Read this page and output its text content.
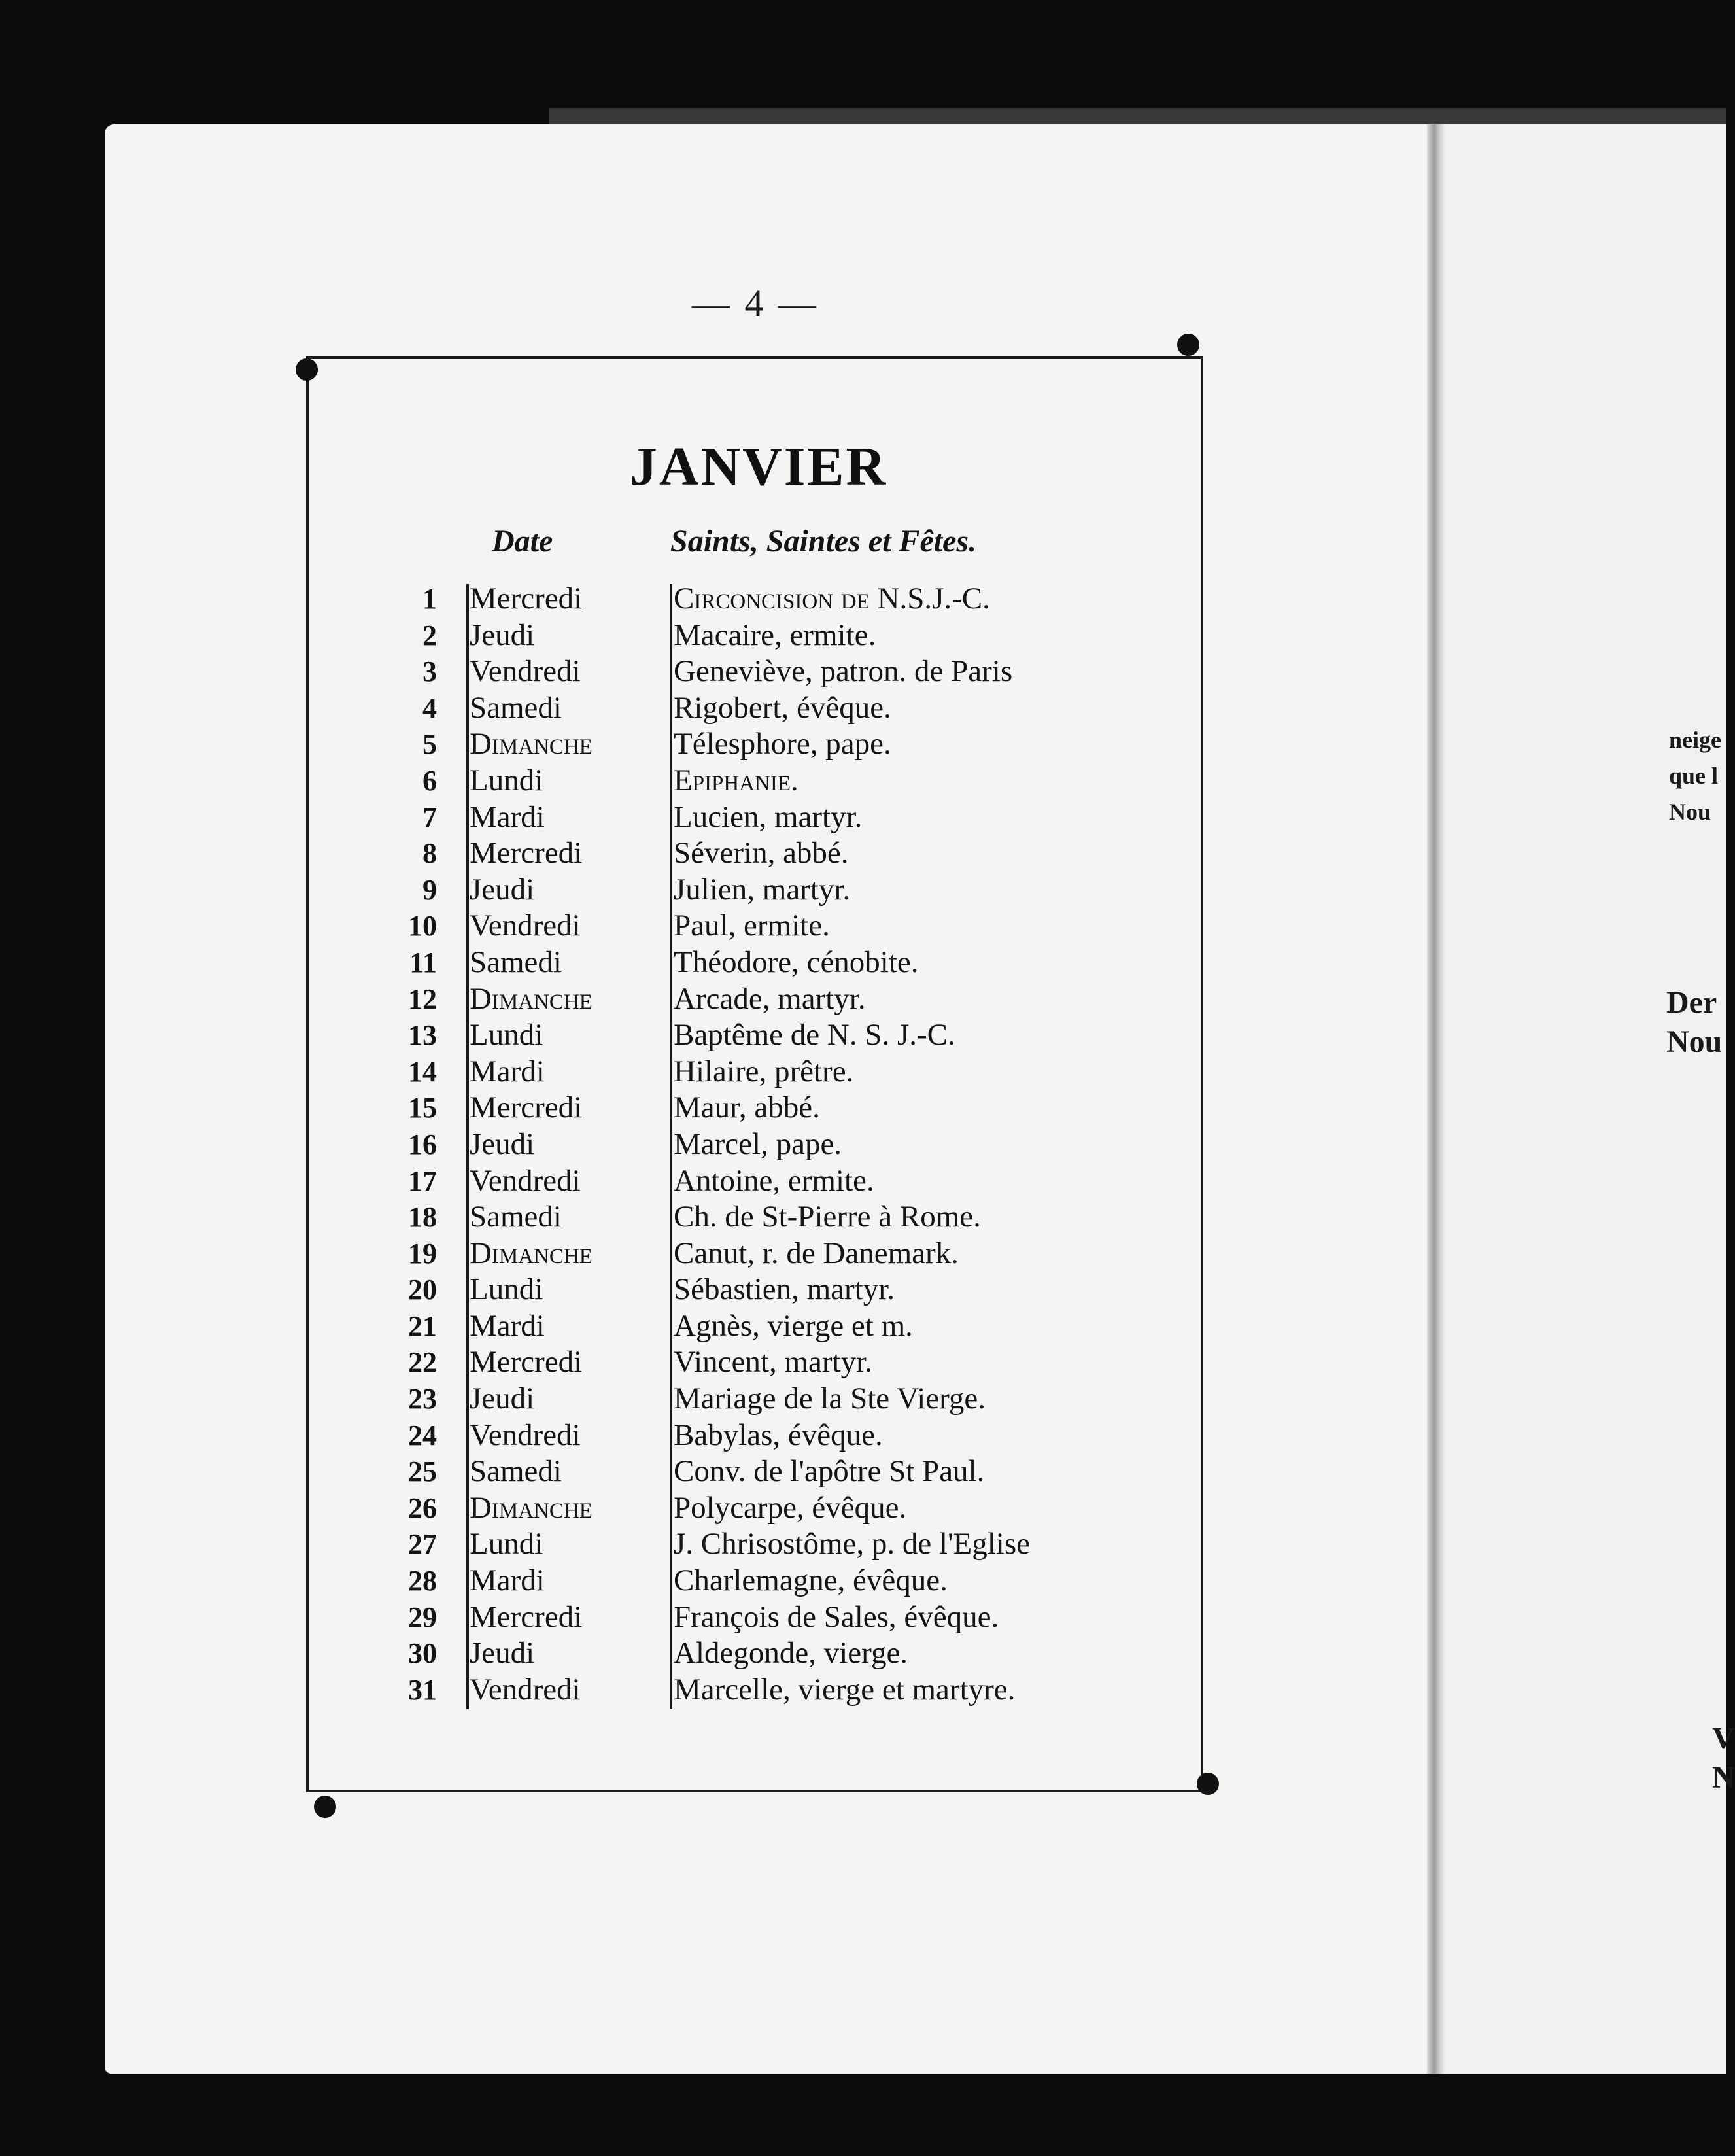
— 4 —
JANVIER
Date	Saints, Saintes et Fêtes.
1 Mercredi	Circoncision de N.S.J.-C.
2 Jeudi	Macaire, ermite.
3 Vendredi	Geneviève, patron. de Paris
4 Samedi	Rigobert, évêque.
5 Dimanche	Télesphore, pape.
6 Lundi	Epiphanie.
7 Mardi	Lucien, martyr.
8 Mercredi	Séverin, abbé.
9 Jeudi	Julien, martyr.
10 Vendredi	Paul, ermite.
11 Samedi	Théodore, cénobite.
12 Dimanche	Arcade, martyr.
13 Lundi	Baptême de N. S. J.-C.
14 Mardi	Hilaire, prêtre.
15 Mercredi	Maur, abbé.
16 Jeudi	Marcel, pape.
17 Vendredi	Antoine, ermite.
18 Samedi	Ch. de St-Pierre à Rome.
19 Dimanche	Canut, r. de Danemark.
20 Lundi	Sébastien, martyr.
21 Mardi	Agnès, vierge et m.
22 Mercredi	Vincent, martyr.
23 Jeudi	Mariage de la Ste Vierge.
24 Vendredi	Babylas, évêque.
25 Samedi	Conv. de l'apôtre St Paul.
26 Dimanche	Polycarpe, évêque.
27 Lundi	J. Chrisostôme, p. de l'Eglise
28 Mardi	Charlemagne, évêque.
29 Mercredi	François de Sales, évêque.
30 Jeudi	Aldegonde, vierge.
31 Vendredi	Marcelle, vierge et martyre.
neige
que l
Nou
Der
Nou
V
N
